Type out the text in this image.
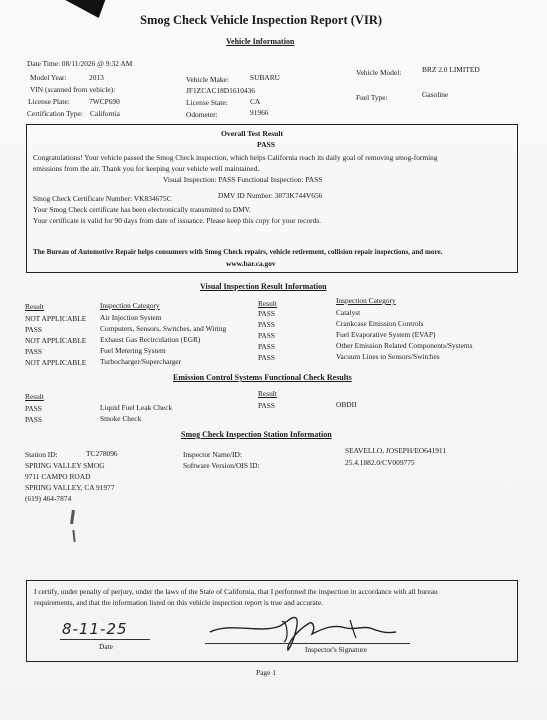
Smog Check Vehicle Inspection Report (VIR)
Vehicle Information
Date Time: 08/11/2026 @ 9:32 AM
Model Year:	2013
VIN (scanned from vehicle):
License Plate:	7WCP690
Certification Type: California
Vehicle Make:	SUBARU
JF1ZCAC18D1610436
License State:	CA
Odometer:	91966
Vehicle Model:	BRZ 2.0 LIMITED
Fuel Type:	Gasoline
Overall Test Result
PASS
Congratulations! Your vehicle passed the Smog Check inspection, which helps California reach its daily goal of removing smog-forming
emissions from the air. Thank you for keeping your vehicle well maintained.
Visual Inspection: PASS Functional Inspection: PASS
Smog Check Certificate Number: VK834675C	DMV ID Number: 3873K744V656
Your Smog Check certificate has been electronically transmitted to DMV.
Your certificate is valid for 90 days from date of issuance. Please keep this copy for your records.
The Bureau of Automotive Repair helps consumers with Smog Check repairs, vehicle retirement, collision repair inspections, and more.
www.bar.ca.gov
Visual Inspection Result Information
Result	Inspection Category	Result	Inspection Category
NOT APPLICABLE Air Injection System
PASS	Computers, Sensors, Switches, and Wiring
NOT APPLICABLE Exhaust Gas Recirculation (EGR)
PASS	Fuel Metering System
NOT APPLICABLE Turbocharger/Supercharger
PASS	Catalyst
PASS	Crankcase Emission Controls
PASS	Fuel Evaporative System (EVAP)
PASS	Other Emission Related Components/Systems
PASS	Vacuum Lines to Sensors/Switches
Emission Control Systems Functional Check Results
Result	Result
PASS	Liquid Fuel Leak Check
PASS	Smoke Check
PASS	OBDII
Smog Check Inspection Station Information
Station ID:	TC278096
SPRING VALLEY SMOG
9711 CAMPO ROAD
SPRING VALLEY, CA 91977
(619) 464-7874
Inspector Name/ID:
Software Version/OIS ID:
SEAVELLO, JOSEPH/EO641911
25.4.1882.0/CV009775
I certify, under penalty of perjury, under the laws of the State of California, that I performed the inspection in accordance with all bureau
requirements, and that the information listed on this vehicle inspection report is true and accurate.
8-11-25
Date	Inspector's Signature
Page 1
